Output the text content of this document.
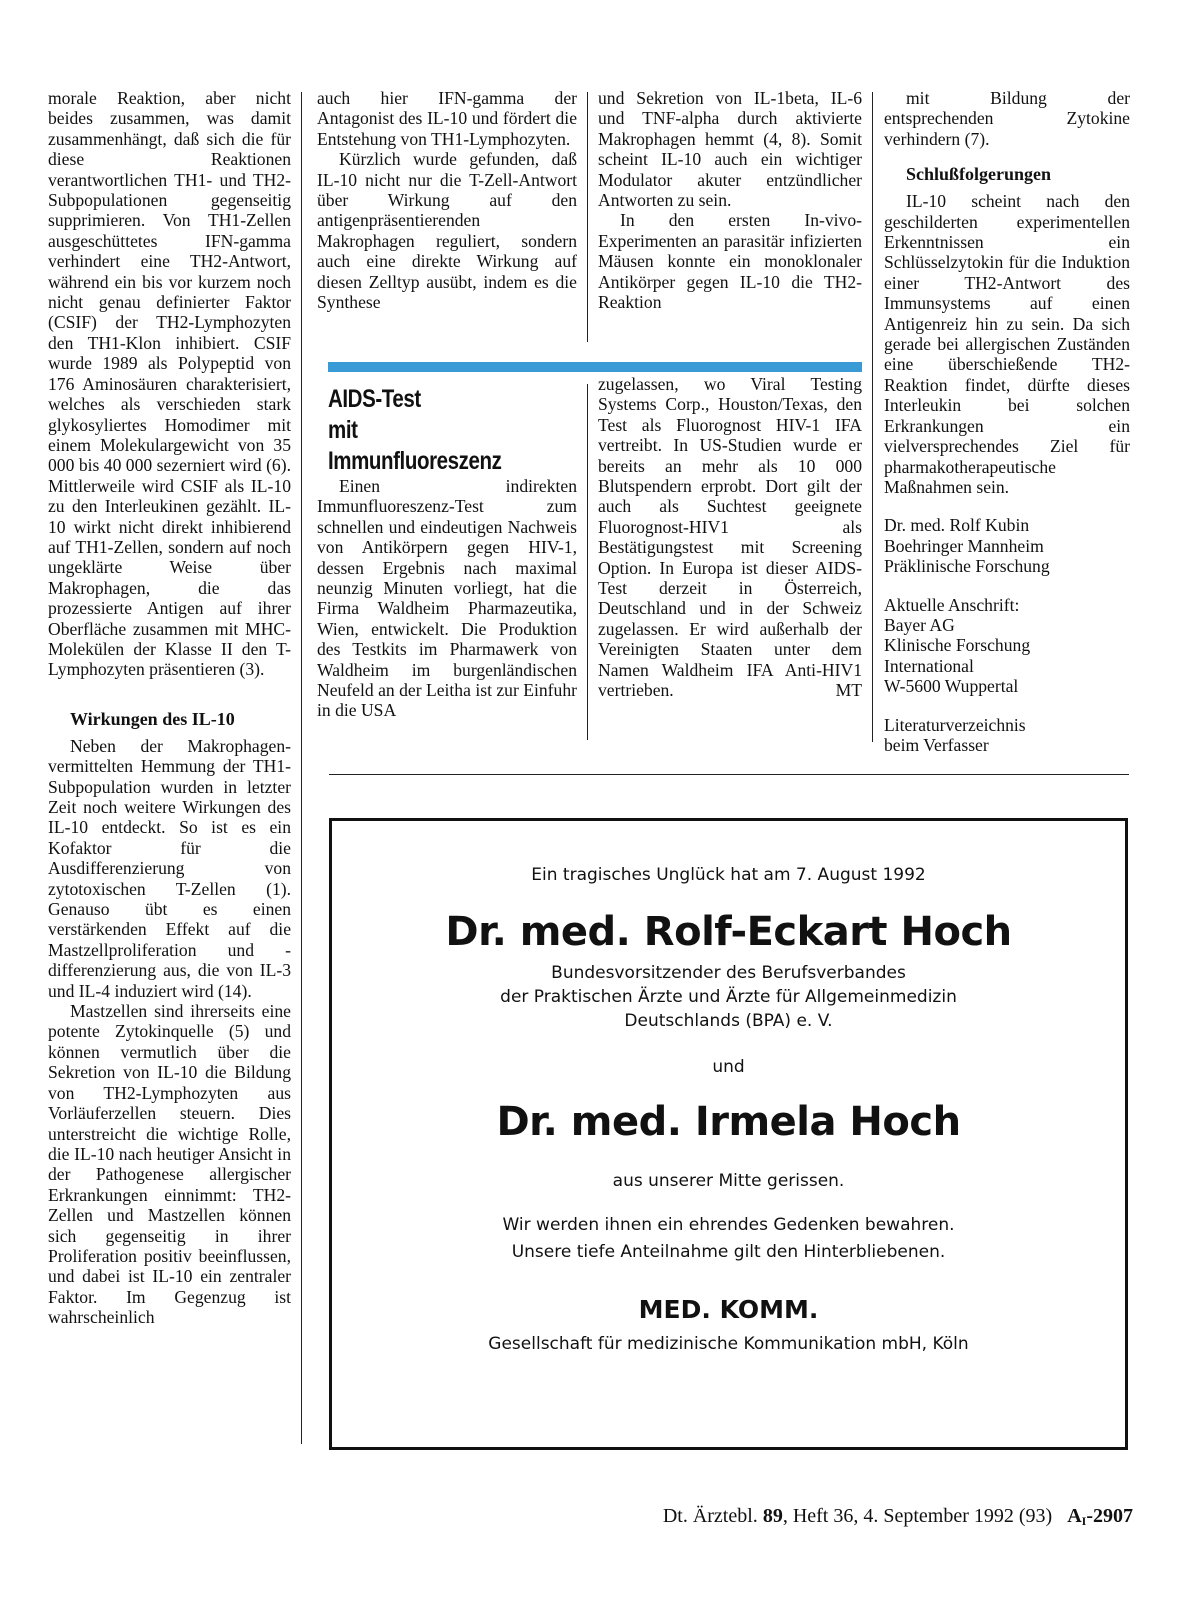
morale Reaktion, aber nicht beides zusammen, was damit zusammenhängt, daß sich die für diese Reaktionen verantwortlichen TH1- und TH2-Subpopulationen gegenseitig supprimieren. Von TH1-Zellen ausgeschüttetes IFN-gamma verhindert eine TH2-Antwort, während ein bis vor kurzem noch nicht genau definierter Faktor (CSIF) der TH2-Lymphozyten den TH1-Klon inhibiert. CSIF wurde 1989 als Polypeptid von 176 Aminosäuren charakterisiert, welches als verschieden stark glykosyliertes Homodimer mit einem Molekulargewicht von 35 000 bis 40 000 sezerniert wird (6). Mittlerweile wird CSIF als IL-10 zu den Interleukinen gezählt. IL-10 wirkt nicht direkt inhibierend auf TH1-Zellen, sondern auf noch ungeklärte Weise über Makrophagen, die das prozessierte Antigen auf ihrer Oberfläche zusammen mit MHC-Molekülen der Klasse II den T-Lymphozyten präsentieren (3).

Wirkungen des IL-10

Neben der Makrophagen-vermittelten Hemmung der TH1-Subpopulation wurden in letzter Zeit noch weitere Wirkungen des IL-10 entdeckt. So ist es ein Kofaktor für die Ausdifferenzierung von zytotoxischen T-Zellen (1). Genauso übt es einen verstärkenden Effekt auf die Mastzellproliferation und -differenzierung aus, die von IL-3 und IL-4 induziert wird (14).

Mastzellen sind ihrerseits eine potente Zytokinquelle (5) und können vermutlich über die Sekretion von IL-10 die Bildung von TH2-Lymphozyten aus Vorläuferzellen steuern. Dies unterstreicht die wichtige Rolle, die IL-10 nach heutiger Ansicht in der Pathogenese allergischer Erkrankungen einnimmt: TH2-Zellen und Mastzellen können sich gegenseitig in ihrer Proliferation positiv beeinflussen, und dabei ist IL-10 ein zentraler Faktor. Im Gegenzug ist wahrscheinlich

auch hier IFN-gamma der Antagonist des IL-10 und fördert die Entstehung von TH1-Lymphozyten.

Kürzlich wurde gefunden, daß IL-10 nicht nur die T-Zell-Antwort über Wirkung auf den antigenpräsentierenden Makrophagen reguliert, sondern auch eine direkte Wirkung auf diesen Zelltyp ausübt, indem es die Synthese

und Sekretion von IL-1beta, IL-6 und TNF-alpha durch aktivierte Makrophagen hemmt (4, 8). Somit scheint IL-10 auch ein wichtiger Modulator akuter entzündlicher Antworten zu sein.

In den ersten In-vivo-Experimenten an parasitär infizierten Mäusen konnte ein monoklonaler Antikörper gegen IL-10 die TH2-Reaktion

mit Bildung der entsprechenden Zytokine verhindern (7).

Schlußfolgerungen

IL-10 scheint nach den geschilderten experimentellen Erkenntnissen ein Schlüsselzytokin für die Induktion einer TH2-Antwort des Immunsystems auf einen Antigenreiz hin zu sein. Da sich gerade bei allergischen Zuständen eine überschießende TH2-Reaktion findet, dürfte dieses Interleukin bei solchen Erkrankungen ein vielversprechendes Ziel für pharmakotherapeutische Maßnahmen sein.

Dr. med. Rolf Kubin
Boehringer Mannheim
Präklinische Forschung
Aktuelle Anschrift:
Bayer AG
Klinische Forschung
International
W-5600 Wuppertal
Literaturverzeichnis
beim Verfasser
AIDS-Test
mit
Immunfluoreszenz

Einen indirekten Immunfluoreszenz-Test zum schnellen und eindeutigen Nachweis von Antikörpern gegen HIV-1, dessen Ergebnis nach maximal neunzig Minuten vorliegt, hat die Firma Waldheim Pharmazeutika, Wien, entwickelt. Die Produktion des Testkits im Pharmawerk von Waldheim im burgenländischen Neufeld an der Leitha ist zur Einfuhr in die USA

zugelassen, wo Viral Testing Systems Corp., Houston/Texas, den Test als Fluorognost HIV-1 IFA vertreibt. In US-Studien wurde er bereits an mehr als 10 000 Blutspendern erprobt. Dort gilt der auch als Suchtest geeignete Fluorognost-HIV1 als Bestätigungstest mit Screening Option. In Europa ist dieser AIDS-Test derzeit in Österreich, Deutschland und in der Schweiz zugelassen. Er wird außerhalb der Vereinigten Staaten unter dem Namen Waldheim IFA Anti-HIV1 vertrieben.	MT

Ein tragisches Unglück hat am 7. August 1992
Dr. med. Rolf-Eckart Hoch
Bundesvorsitzender des Berufsverbandes
der Praktischen Ärzte und Ärzte für Allgemeinmedizin
Deutschlands (BPA) e. V.
und
Dr. med. Irmela Hoch
aus unserer Mitte gerissen.
Wir werden ihnen ein ehrendes Gedenken bewahren.
Unsere tiefe Anteilnahme gilt den Hinterbliebenen.
MED. KOMM.
Gesellschaft für medizinische Kommunikation mbH, Köln
Dt. Ärztebl. 89, Heft 36, 4. September 1992 (93) $A_I-2907$
